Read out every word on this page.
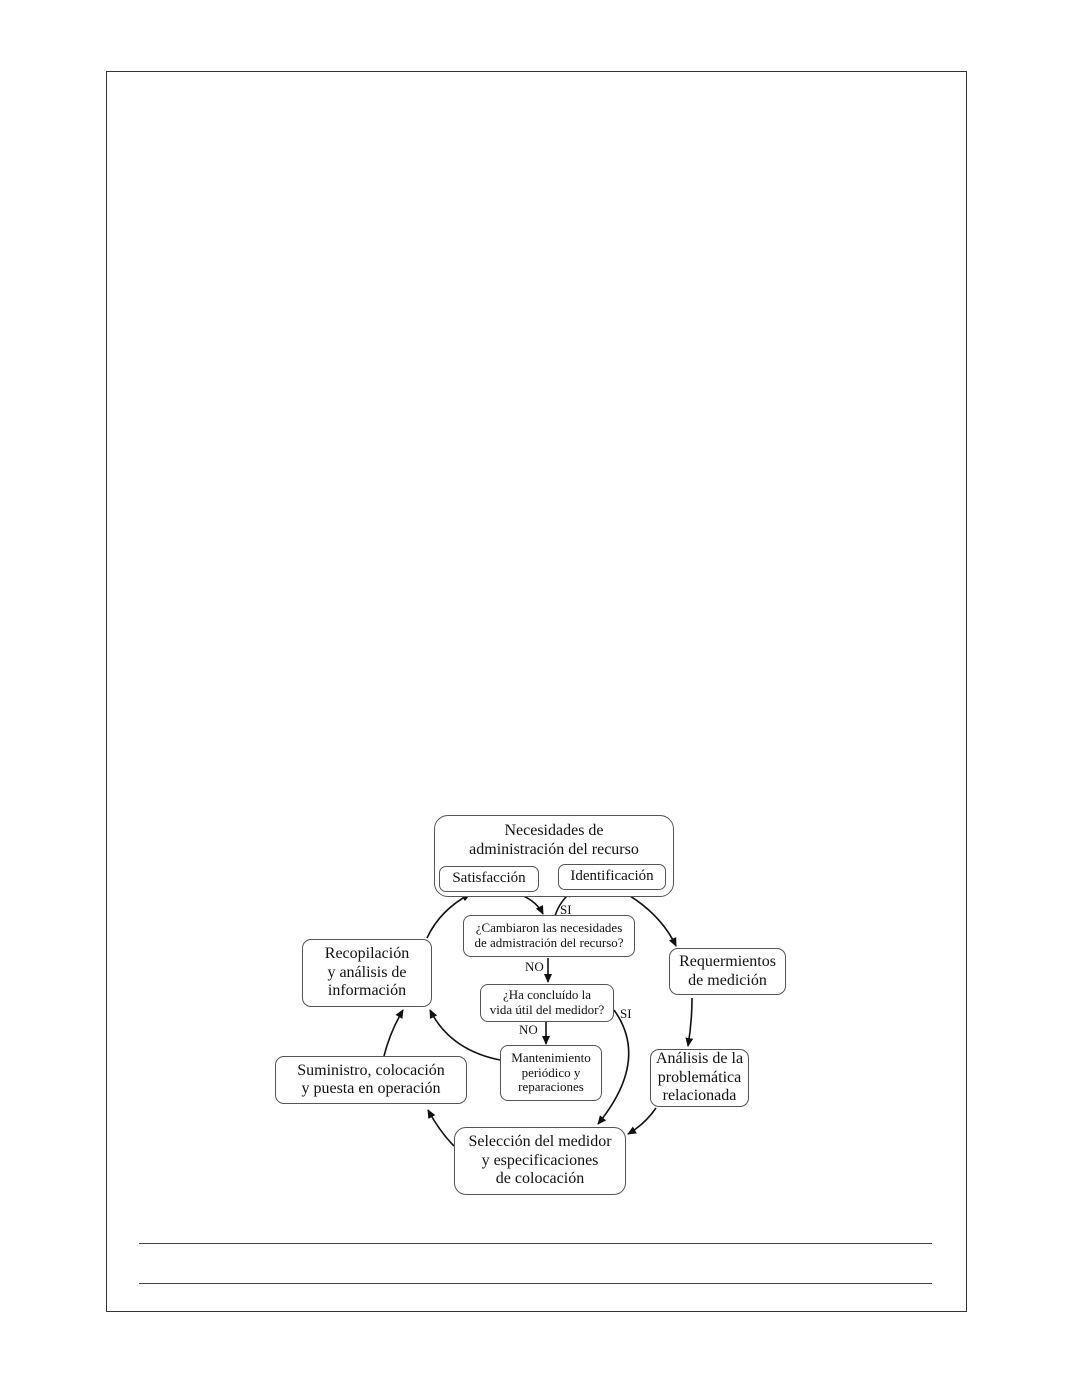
Necesidades de
administración del recurso
Satisfacción	Identificación
¿Cambiaron las necesidades
de admistración del recurso?
¿Ha concluído la
vida útil del medidor?
Mantenimiento
periódico y
reparaciones
Recopilación
y análisis de
información
Requermientos
de medición
Análisis de la
problemática
relacionada
Suministro, colocación
y puesta en operación
Selección del medidor
y especificaciones
de colocación
SI
NO
NO
SI
